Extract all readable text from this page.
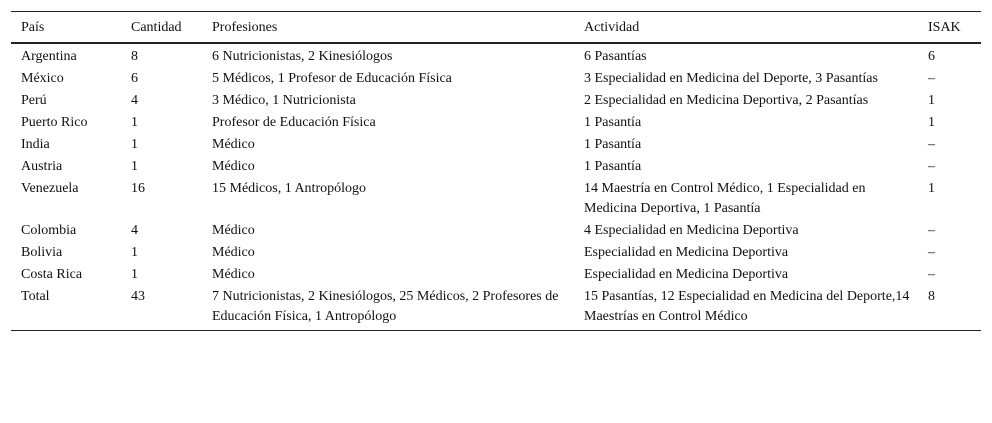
País	Cantidad	Profesiones	Actividad	ISAK
Argentina	8	6 Nutricionistas, 2 Kinesiólogos	6 Pasantías	6
México	6	5 Médicos, 1 Profesor de Educación Física	3 Especialidad en Medicina del Deporte, 3 Pasantías	–
Perú	4	3 Médico, 1 Nutricionista	2 Especialidad en Medicina Deportiva, 2 Pasantías	1
Puerto Rico	1	Profesor de Educación Física	1 Pasantía	1
India	1	Médico	1 Pasantía	–
Austria	1	Médico	1 Pasantía	–
Venezuela	16	15 Médicos, 1 Antropólogo	14 Maestría en Control Médico, 1 Especialidad en Medicina Deportiva, 1 Pasantía	1
Colombia	4	Médico	4 Especialidad en Medicina Deportiva	–
Bolivia	1	Médico	Especialidad en Medicina Deportiva	–
Costa Rica	1	Médico	Especialidad en Medicina Deportiva	–
Total	43	7 Nutricionistas, 2 Kinesiólogos, 25 Médicos, 2 Profesores de Educación Física, 1 Antropólogo	15 Pasantías, 12 Especialidad en Medicina del Deporte,14 Maestrías en Control Médico	8
